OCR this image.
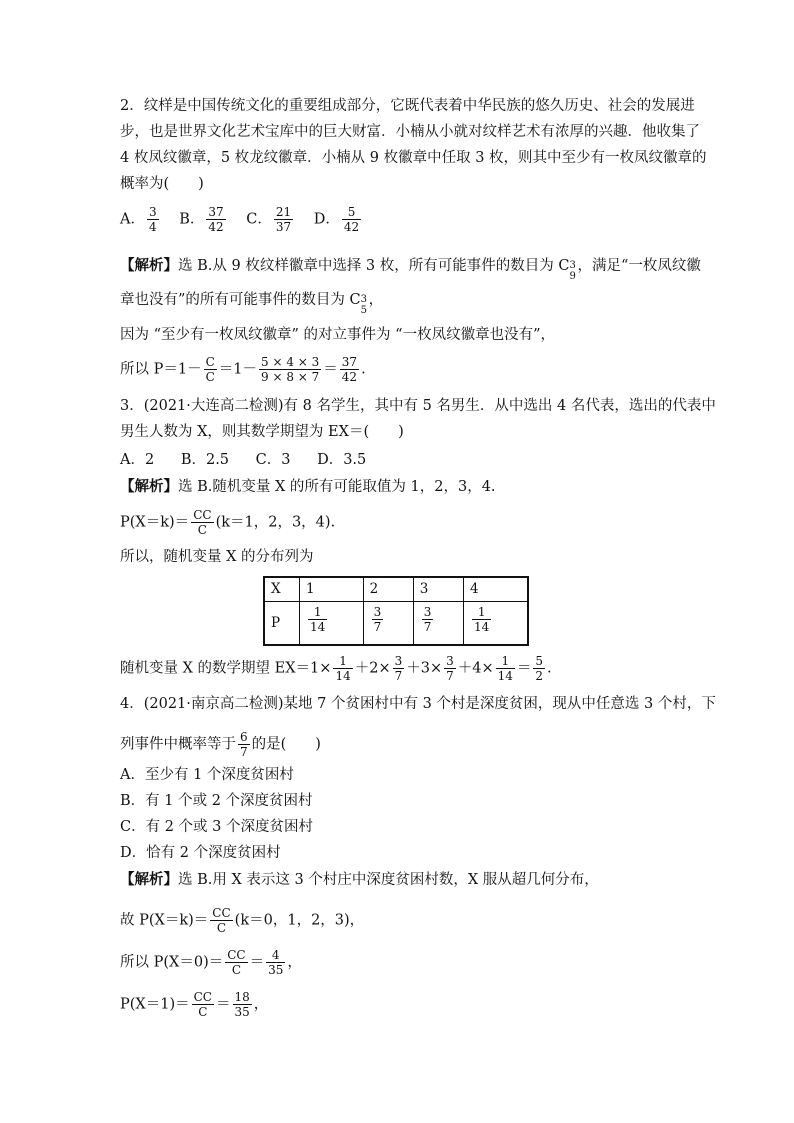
2．纹样是中国传统文化的重要组成部分，它既代表着中华民族的悠久历史、社会的发展进
步，也是世界文化艺术宝库中的巨大财富．小楠从小就对纹样艺术有浓厚的兴趣．他收集了
4 枚凤纹徽章，5 枚龙纹徽章．小楠从 9 枚徽章中任取 3 枚，则其中至少有一枚凤纹徽章的
概率为(　　)
A． $\frac{3}{4}$ B． $\frac{37}{42}$ C． $\frac{21}{37}$ D． $\frac{5}{42}$
【解析】选 B.从 9 枚纹样徽章中选择 3 枚，所有可能事件的数目为 C 3
9
，满足“一枚凤纹徽
章也没有”的所有可能事件的数目为 C 3
5
，
因为 “至少有一枚凤纹徽章” 的对立事件为 “一枚凤纹徽章也没有”，
所以 $P=1- \frac{C}{C} =1- \frac{5 \times 4 \times 3}{9 \times 8 \times 7} = \frac{37}{42}$ .
3．(2021·大连高二检测)有 8 名学生，其中有 5 名男生．从中选出 4 名代表，选出的代表中
男生人数为 X，则其数学期望为 EX＝(　　)
A．2 B．2.5 C．3 D．3.5
【解析】选 B.随机变量 X 的所有可能取值为 1，2，3，4.
$P(X=k)= \frac{CC}{C} (k=1$，2，3，4).
所以，随机变量 X 的分布列为
X	1	2	3	4
P	$\frac{1}{14}$	$\frac{3}{7}$	$\frac{3}{7}$	$\frac{1}{14}$
随机变量 X 的数学期望 $EX=1\times \frac{1}{14} +2\times \frac{3}{7} +3\times \frac{3}{7} +4\times \frac{1}{14} = \frac{5}{2}$ .
4．(2021·南京高二检测)某地 7 个贫困村中有 3 个村是深度贫困，现从中任意选 3 个村，下
列事件中概率等于 $\frac{6}{7}$ 的是(　　)
A．至少有 1 个深度贫困村
B．有 1 个或 2 个深度贫困村
C．有 2 个或 3 个深度贫困村
D．恰有 2 个深度贫困村
【解析】选 B.用 X 表示这 3 个村庄中深度贫困村数，X 服从超几何分布，
故 $P(X=k)= \frac{CC}{C} (k=0$，1，2，3)，
所以 $P(X=0)= \frac{CC}{C} = \frac{4}{35}$ ，
$P(X=1)= \frac{CC}{C} = \frac{18}{35}$ ，
